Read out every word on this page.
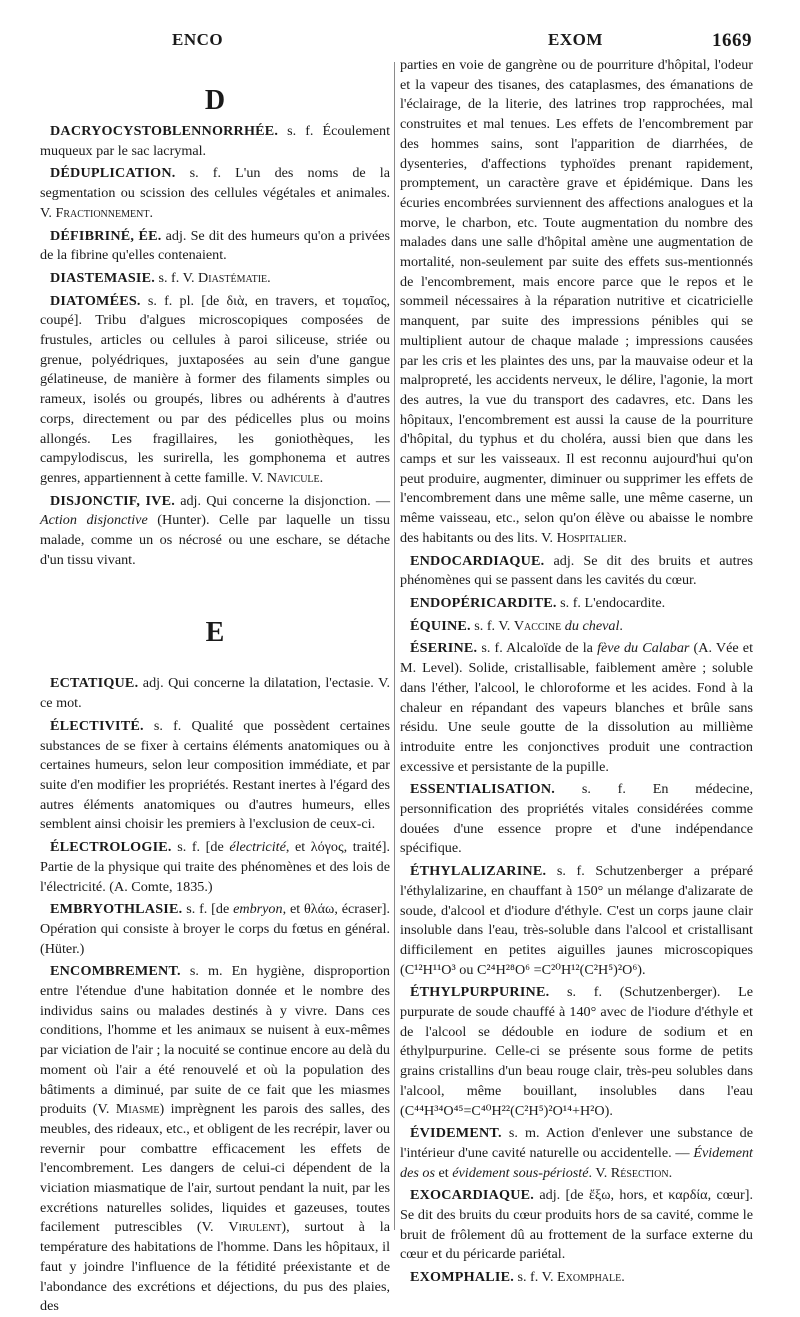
ENCO	EXOM	1669
D

DACRYOCYSTOBLENNORRHÉE. s. f. Écoulement muqueux par le sac lacrymal.

DÉDUPLICATION. s. f. L'un des noms de la segmentation ou scission des cellules végétales et animales. V. Fractionnement.

DÉFIBRINÉ, ÉE. adj. Se dit des humeurs qu'on a privées de la fibrine qu'elles contenaient.

DIASTEMASIE. s. f. V. Diastématie.

DIATOMÉES. s. f. pl. [de διὰ, en travers, et τομαῖος, coupé]. Tribu d'algues microscopiques composées de frustules, articles ou cellules à paroi siliceuse, striée ou grenue, polyédriques, juxtaposées au sein d'une gangue gélatineuse, de manière à former des filaments simples ou rameux, isolés ou groupés, libres ou adhérents à d'autres corps, directement ou par des pédicelles plus ou moins allongés. Les fragillaires, les goniothèques, les campylodiscus, les surirella, les gomphonema et autres genres, appartiennent à cette famille. V. Navicule.

DISJONCTIF, IVE. adj. Qui concerne la disjonction. — Action disjonctive (Hunter). Celle par laquelle un tissu malade, comme un os nécrosé ou une eschare, se détache d'un tissu vivant.

E

ECTATIQUE. adj. Qui concerne la dilatation, l'ectasie. V. ce mot.

ÉLECTIVITÉ. s. f. Qualité que possèdent certaines substances de se fixer à certains éléments anatomiques ou à certaines humeurs, selon leur composition immédiate, et par suite d'en modifier les propriétés. Restant inertes à l'égard des autres éléments anatomiques ou d'autres humeurs, elles semblent ainsi choisir les premiers à l'exclusion de ceux-ci.

ÉLECTROLOGIE. s. f. [de électricité, et λόγος, traité]. Partie de la physique qui traite des phénomènes et des lois de l'électricité. (A. Comte, 1835.)

EMBRYOTHLASIE. s. f. [de embryon, et θλάω, écraser]. Opération qui consiste à broyer le corps du fœtus en général. (Hüter.)

ENCOMBREMENT. s. m. En hygiène, disproportion entre l'étendue d'une habitation donnée et le nombre des individus sains ou malades destinés à y vivre. Dans ces conditions, l'homme et les animaux se nuisent à eux-mêmes par viciation de l'air ; la nocuité se continue encore au delà du moment où l'air a été renouvelé et où la population des bâtiments a diminué, par suite de ce fait que les miasmes produits (V. Miasme) imprègnent les parois des salles, des meubles, des rideaux, etc., et obligent de les recrépir, laver ou revernir pour combattre efficacement les effets de l'encombrement. Les dangers de celui-ci dépendent de la viciation miasmatique de l'air, surtout pendant la nuit, par les excrétions naturelles solides, liquides et gazeuses, toutes facilement putrescibles (V. Virulent), surtout à la température des habitations de l'homme. Dans les hôpitaux, il faut y joindre l'influence de la fétidité préexistante et de l'abondance des excrétions et déjections, du pus des plaies, des

parties en voie de gangrène ou de pourriture d'hôpital, l'odeur et la vapeur des tisanes, des cataplasmes, des émanations de l'éclairage, de la literie, des latrines trop rapprochées, mal construites et mal tenues. Les effets de l'encombrement par des hommes sains, sont l'apparition de diarrhées, de dysenteries, d'affections typhoïdes prenant rapidement, promptement, un caractère grave et épidémique. Dans les écuries encombrées surviennent des affections analogues et la morve, le charbon, etc. Toute augmentation du nombre des malades dans une salle d'hôpital amène une augmentation de mortalité, non-seulement par suite des effets sus-mentionnés de l'encombrement, mais encore parce que le repos et le sommeil nécessaires à la réparation nutritive et cicatricielle manquent, par suite des impressions pénibles qui se multiplient autour de chaque malade ; impressions causées par les cris et les plaintes des uns, par la mauvaise odeur et la malpropreté, les accidents nerveux, le délire, l'agonie, la mort des autres, la vue du transport des cadavres, etc. Dans les hôpitaux, l'encombrement est aussi la cause de la pourriture d'hôpital, du typhus et du choléra, aussi bien que dans les camps et sur les vaisseaux. Il est reconnu aujourd'hui qu'on peut produire, augmenter, diminuer ou supprimer les effets de l'encombrement dans une même salle, une même caserne, un même vaisseau, etc., selon qu'on élève ou abaisse le nombre des habitants ou des lits. V. Hospitalier.

ENDOCARDIAQUE. adj. Se dit des bruits et autres phénomènes qui se passent dans les cavités du cœur.

ENDOPÉRICARDITE. s. f. L'endocardite.

ÉQUINE. s. f. V. Vaccine du cheval.

ÉSERINE. s. f. Alcaloïde de la fève du Calabar (A. Vée et M. Level). Solide, cristallisable, faiblement amère ; soluble dans l'éther, l'alcool, le chloroforme et les acides. Fond à la chaleur en répandant des vapeurs blanches et brûle sans résidu. Une seule goutte de la dissolution au millième introduite entre les conjonctives produit une contraction excessive et persistante de la pupille.

ESSENTIALISATION. s. f. En médecine, personnification des propriétés vitales considérées comme douées d'une essence propre et d'une indépendance spécifique.

ÉTHYLALIZARINE. s. f. Schutzenberger a préparé l'éthylalizarine, en chauffant à 150° un mélange d'alizarate de soude, d'alcool et d'iodure d'éthyle. C'est un corps jaune clair insoluble dans l'eau, très-soluble dans l'alcool et cristallisant difficilement en petites aiguilles jaunes microscopiques (C¹²H¹¹O³ ou C²⁴H²⁸O⁶ =C²⁰H¹²(C²H⁵)²O⁶).

ÉTHYLPURPURINE. s. f. (Schutzenberger). Le purpurate de soude chauffé à 140° avec de l'iodure d'éthyle et de l'alcool se dédouble en iodure de sodium et en éthylpurpurine. Celle-ci se présente sous forme de petits grains cristallins d'un beau rouge clair, très-peu solubles dans l'alcool, même bouillant, insolubles dans l'eau (C⁴⁴H³⁴O⁴⁵=C⁴⁰H²²(C²H⁵)²O¹⁴+H²O).

ÉVIDEMENT. s. m. Action d'enlever une substance de l'intérieur d'une cavité naturelle ou accidentelle. — Évidement des os et évidement sous-périosté. V. Résection.

EXOCARDIAQUE. adj. [de ἔξω, hors, et καρδία, cœur]. Se dit des bruits du cœur produits hors de sa cavité, comme le bruit de frôlement dû au frottement de la surface externe du cœur et du péricarde pariétal.

EXOMPHALIE. s. f. V. Exomphale.
